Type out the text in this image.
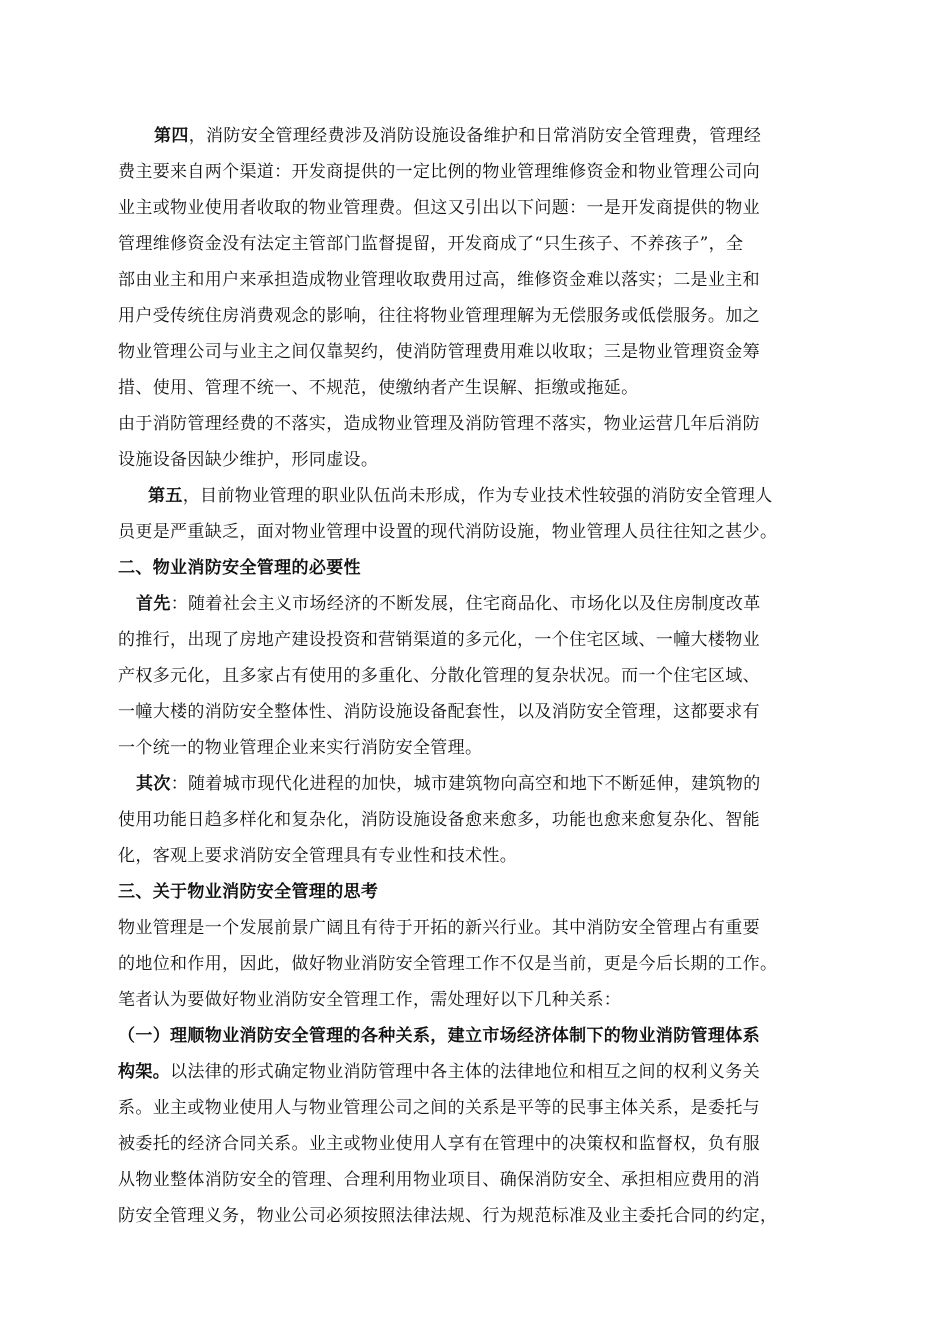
第四，消防安全管理经费涉及消防设施设备维护和日常消防安全管理费，管理经
费主要来自两个渠道：开发商提供的一定比例的物业管理维修资金和物业管理公司向
业主或物业使用者收取的物业管理费。但这又引出以下问题：一是开发商提供的物业
管理维修资金没有法定主管部门监督提留，开发商成了“只生孩子、不养孩子”，全
部由业主和用户来承担造成物业管理收取费用过高，维修资金难以落实；二是业主和
用户受传统住房消费观念的影响，往往将物业管理理解为无偿服务或低偿服务。加之
物业管理公司与业主之间仅靠契约，使消防管理费用难以收取；三是物业管理资金筹
措、使用、管理不统一、不规范，使缴纳者产生误解、拒缴或拖延。
由于消防管理经费的不落实，造成物业管理及消防管理不落实，物业运营几年后消防
设施设备因缺少维护，形同虚设。
第五，目前物业管理的职业队伍尚未形成，作为专业技术性较强的消防安全管理人
员更是严重缺乏，面对物业管理中设置的现代消防设施，物业管理人员往往知之甚少。
二、物业消防安全管理的必要性
首先：随着社会主义市场经济的不断发展，住宅商品化、市场化以及住房制度改革
的推行，出现了房地产建设投资和营销渠道的多元化，一个住宅区域、一幢大楼物业
产权多元化，且多家占有使用的多重化、分散化管理的复杂状况。而一个住宅区域、
一幢大楼的消防安全整体性、消防设施设备配套性，以及消防安全管理，这都要求有
一个统一的物业管理企业来实行消防安全管理。
其次：随着城市现代化进程的加快，城市建筑物向高空和地下不断延伸，建筑物的
使用功能日趋多样化和复杂化，消防设施设备愈来愈多，功能也愈来愈复杂化、智能
化，客观上要求消防安全管理具有专业性和技术性。
三、关于物业消防安全管理的思考
物业管理是一个发展前景广阔且有待于开拓的新兴行业。其中消防安全管理占有重要
的地位和作用，因此，做好物业消防安全管理工作不仅是当前，更是今后长期的工作。
笔者认为要做好物业消防安全管理工作，需处理好以下几种关系：
（一）理顺物业消防安全管理的各种关系，建立市场经济体制下的物业消防管理体系
构架。以法律的形式确定物业消防管理中各主体的法律地位和相互之间的权利义务关
系。业主或物业使用人与物业管理公司之间的关系是平等的民事主体关系，是委托与
被委托的经济合同关系。业主或物业使用人享有在管理中的决策权和监督权，负有服
从物业整体消防安全的管理、合理利用物业项目、确保消防安全、承担相应费用的消
防安全管理义务，物业公司必须按照法律法规、行为规范标准及业主委托合同的约定，
